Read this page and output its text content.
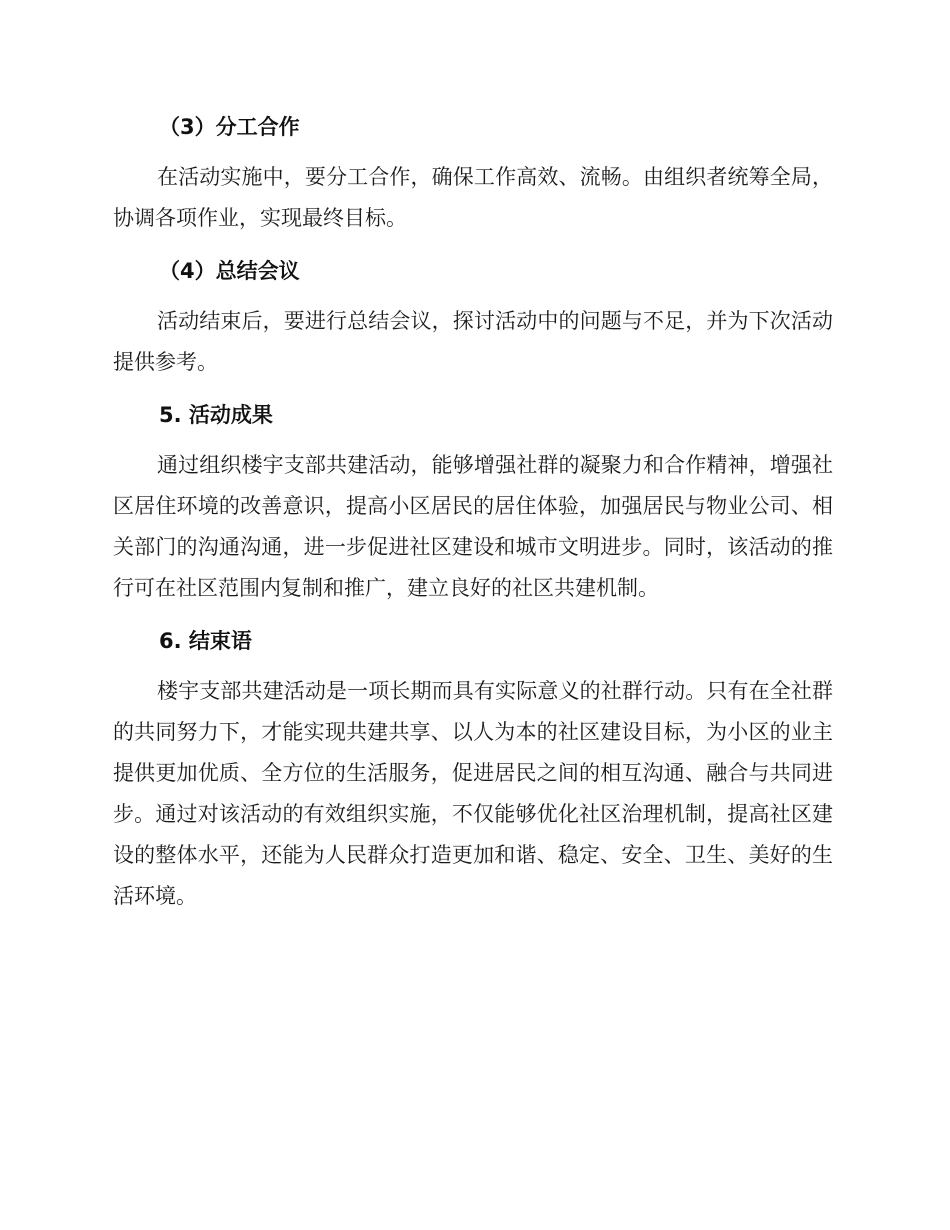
（3）分工合作

在活动实施中，要分工合作，确保工作高效、流畅。由组织者统筹全局，协调各项作业，实现最终目标。

（4）总结会议

活动结束后，要进行总结会议，探讨活动中的问题与不足，并为下次活动提供参考。

5. 活动成果

通过组织楼宇支部共建活动，能够增强社群的凝聚力和合作精神，增强社区居住环境的改善意识，提高小区居民的居住体验，加强居民与物业公司、相关部门的沟通沟通，进一步促进社区建设和城市文明进步。同时，该活动的推行可在社区范围内复制和推广，建立良好的社区共建机制。

6. 结束语

楼宇支部共建活动是一项长期而具有实际意义的社群行动。只有在全社群的共同努力下，才能实现共建共享、以人为本的社区建设目标，为小区的业主提供更加优质、全方位的生活服务，促进居民之间的相互沟通、融合与共同进步。通过对该活动的有效组织实施，不仅能够优化社区治理机制，提高社区建设的整体水平，还能为人民群众打造更加和谐、稳定、安全、卫生、美好的生活环境。
